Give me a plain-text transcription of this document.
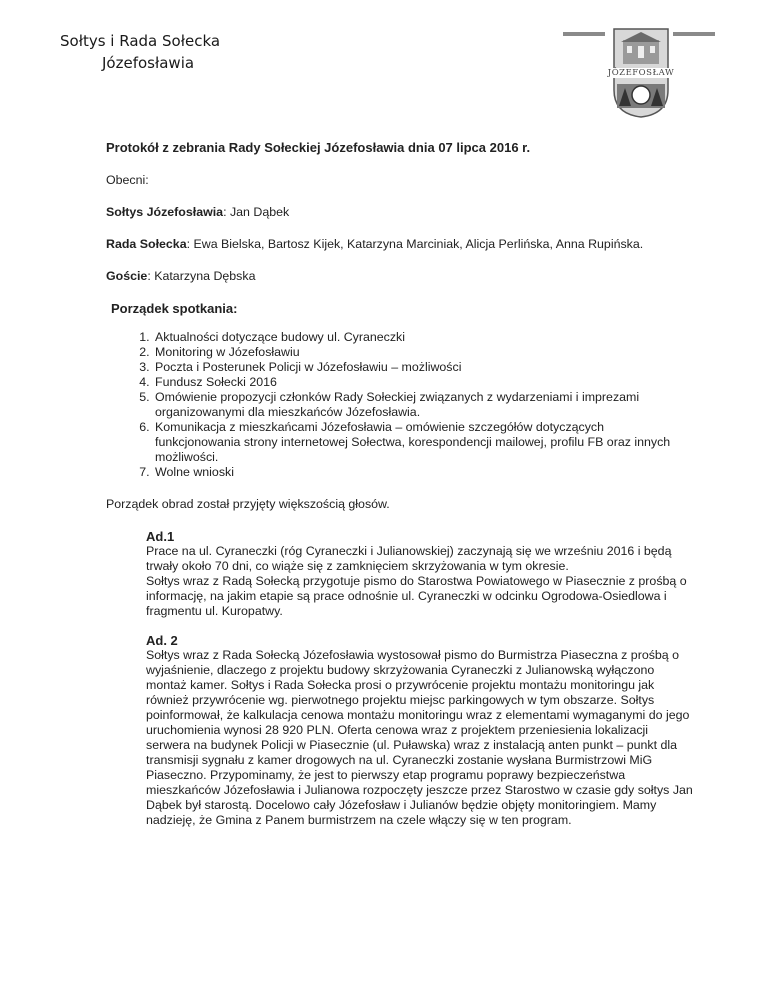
Sołtys i Rada Sołecka
Józefosławia
JÓZEFOSŁAW
Protokół z zebrania Rady Sołeckiej Józefosławia dnia 07 lipca 2016 r.

Obecni:

Sołtys Józefosławia: Jan Dąbek

Rada Sołecka: Ewa Bielska, Bartosz Kijek, Katarzyna Marciniak, Alicja Perlińska, Anna Rupińska.

Goście: Katarzyna Dębska

Porządek spotkania:
1. Aktualności dotyczące budowy ul. Cyraneczki
2. Monitoring w Józefosławiu
3. Poczta i Posterunek Policji w Józefosławiu – możliwości
4. Fundusz Sołecki 2016
5. Omówienie propozycji członków Rady Sołeckiej związanych z wydarzeniami i imprezami organizowanymi dla mieszkańców Józefosławia.
6. Komunikacja z mieszkańcami Józefosławia – omówienie szczegółów dotyczących funkcjonowania strony internetowej Sołectwa, korespondencji mailowej, profilu FB oraz innych możliwości.
7. Wolne wnioski

Porządek obrad został przyjęty większością głosów.

Ad.1
Prace na ul. Cyraneczki (róg Cyraneczki i Julianowskiej) zaczynają się we wrześniu 2016 i będą trwały około 70 dni, co wiąże się z zamknięciem skrzyżowania w tym okresie.
Sołtys wraz z Radą Sołecką przygotuje pismo do Starostwa Powiatowego w Piasecznie z prośbą o informację, na jakim etapie są prace odnośnie ul. Cyraneczki w odcinku Ogrodowa-Osiedlowa i fragmentu ul. Kuropatwy.
Ad. 2
Sołtys wraz z Rada Sołecką Józefosławia wystosował pismo do Burmistrza Piaseczna z prośbą o wyjaśnienie, dlaczego z projektu budowy skrzyżowania Cyraneczki z Julianowską wyłączono montaż kamer. Sołtys i Rada Sołecka prosi o przywrócenie projektu montażu monitoringu jak również przywrócenie wg. pierwotnego projektu miejsc parkingowych w tym obszarze. Sołtys poinformował, że kalkulacja cenowa montażu monitoringu wraz z elementami wymaganymi do jego uruchomienia wynosi 28 920 PLN. Oferta cenowa wraz z projektem przeniesienia lokalizacji serwera na budynek Policji w Piasecznie (ul. Puławska) wraz z instalacją anten punkt – punkt dla transmisji sygnału z kamer drogowych na ul. Cyraneczki zostanie wysłana Burmistrzowi MiG Piaseczno. Przypominamy, że jest to pierwszy etap programu poprawy bezpieczeństwa mieszkańców Józefosławia i Julianowa rozpoczęty jeszcze przez Starostwo w czasie gdy sołtys Jan Dąbek był starostą. Docelowo cały Józefosław i Julianów będzie objęty monitoringiem. Mamy nadzieję, że Gmina z Panem burmistrzem na czele włączy się w ten program.
